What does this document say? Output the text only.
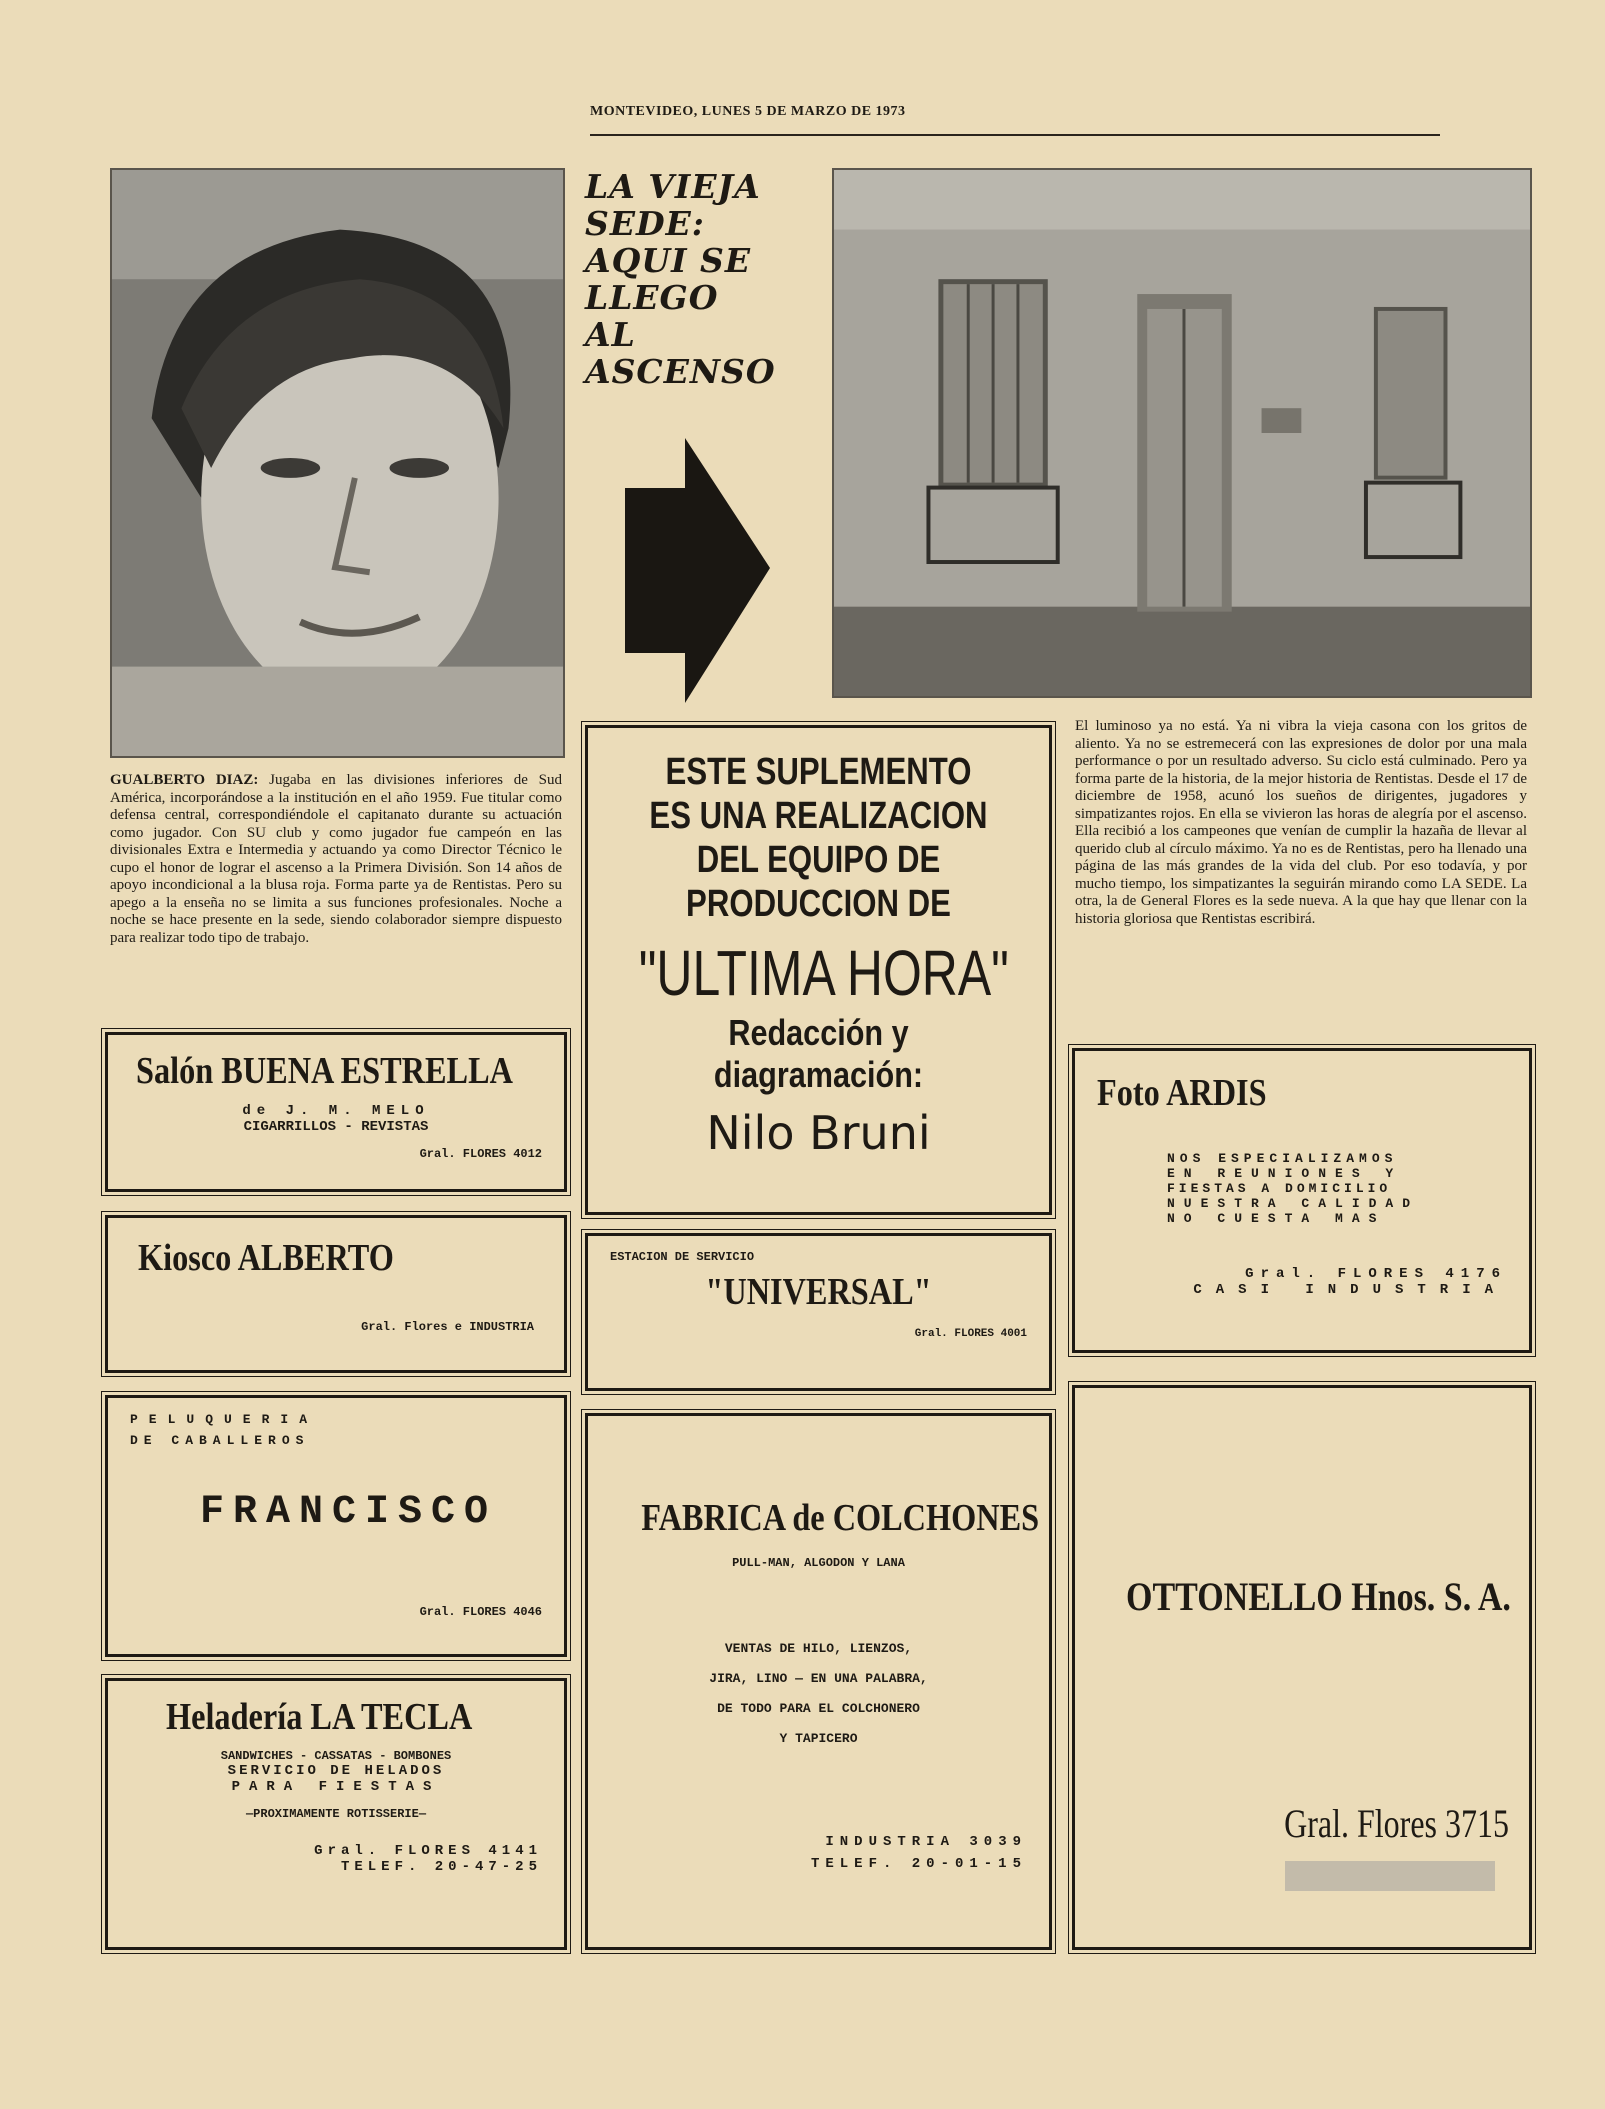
MONTEVIDEO, LUNES 5 DE MARZO DE 1973
LA VIEJA
SEDE:
AQUI SE
LLEGO
AL
ASCENSO
GUALBERTO DIAZ: Jugaba en las divisiones inferiores de Sud América, incorporándose a la institución en el año 1959. Fue titular como defensa central, correspondiéndole el capitanato durante su actuación como jugador. Con SU club y como jugador fue campeón en las divisionales Extra e Intermedia y actuando ya como Director Técnico le cupo el honor de lograr el ascenso a la Primera División. Son 14 años de apoyo incondicional a la blusa roja. Forma parte ya de Rentistas. Pero su apego a la enseña no se limita a sus funciones profesionales. Noche a noche se hace presente en la sede, siendo colaborador siempre dispuesto para realizar todo tipo de trabajo.
El luminoso ya no está. Ya ni vibra la vieja casona con los gritos de aliento. Ya no se estremecerá con las expresiones de dolor por una mala performance o por un resultado adverso. Su ciclo está culminado. Pero ya forma parte de la historia, de la mejor historia de Rentistas. Desde el 17 de diciembre de 1958, acunó los sueños de dirigentes, jugadores y simpatizantes rojos. En ella se vivieron las horas de alegría por el ascenso. Ella recibió a los campeones que venían de cumplir la hazaña de llevar al querido club al círculo máximo. Ya no es de Rentistas, pero ha llenado una página de las más grandes de la vida del club. Por eso todavía, y por mucho tiempo, los simpatizantes la seguirán mirando como LA SEDE. La otra, la de General Flores es la sede nueva. A la que hay que llenar con la historia gloriosa que Rentistas escribirá.
ESTE SUPLEMENTO
ES UNA REALIZACION
DEL EQUIPO DE
PRODUCCION DE
"ULTIMA HORA"
Redacción y
diagramación:
Nilo Bruni
Salón BUENA ESTRELLA
de J. M. MELO
CIGARRILLOS - REVISTAS
Gral. FLORES 4012
Kiosco ALBERTO
Gral. Flores e INDUSTRIA
PELUQUERIA
DE CABALLEROS
FRANCISCO
Gral. FLORES 4046
Heladería LA TECLA
SANDWICHES - CASSATAS - BOMBONES
SERVICIO DE HELADOS
PARA FIESTAS
—PROXIMAMENTE ROTISSERIE—
Gral. FLORES 4141
TELEF. 20-47-25
ESTACION DE SERVICIO
"UNIVERSAL"
Gral. FLORES 4001
FABRICA de COLCHONES
PULL-MAN, ALGODON Y LANA
VENTAS DE HILO, LIENZOS,
JIRA, LINO — EN UNA PALABRA,
DE TODO PARA EL COLCHONERO
Y TAPICERO
INDUSTRIA 3039
TELEF. 20-01-15
Foto ARDIS
NOS ESPECIALIZAMOS
EN REUNIONES Y
FIESTAS A DOMICILIO
NUESTRA CALIDAD
NO CUESTA MAS
Gral. FLORES 4176
CASI INDUSTRIA
OTTONELLO Hnos. S. A.
Gral. Flores 3715
